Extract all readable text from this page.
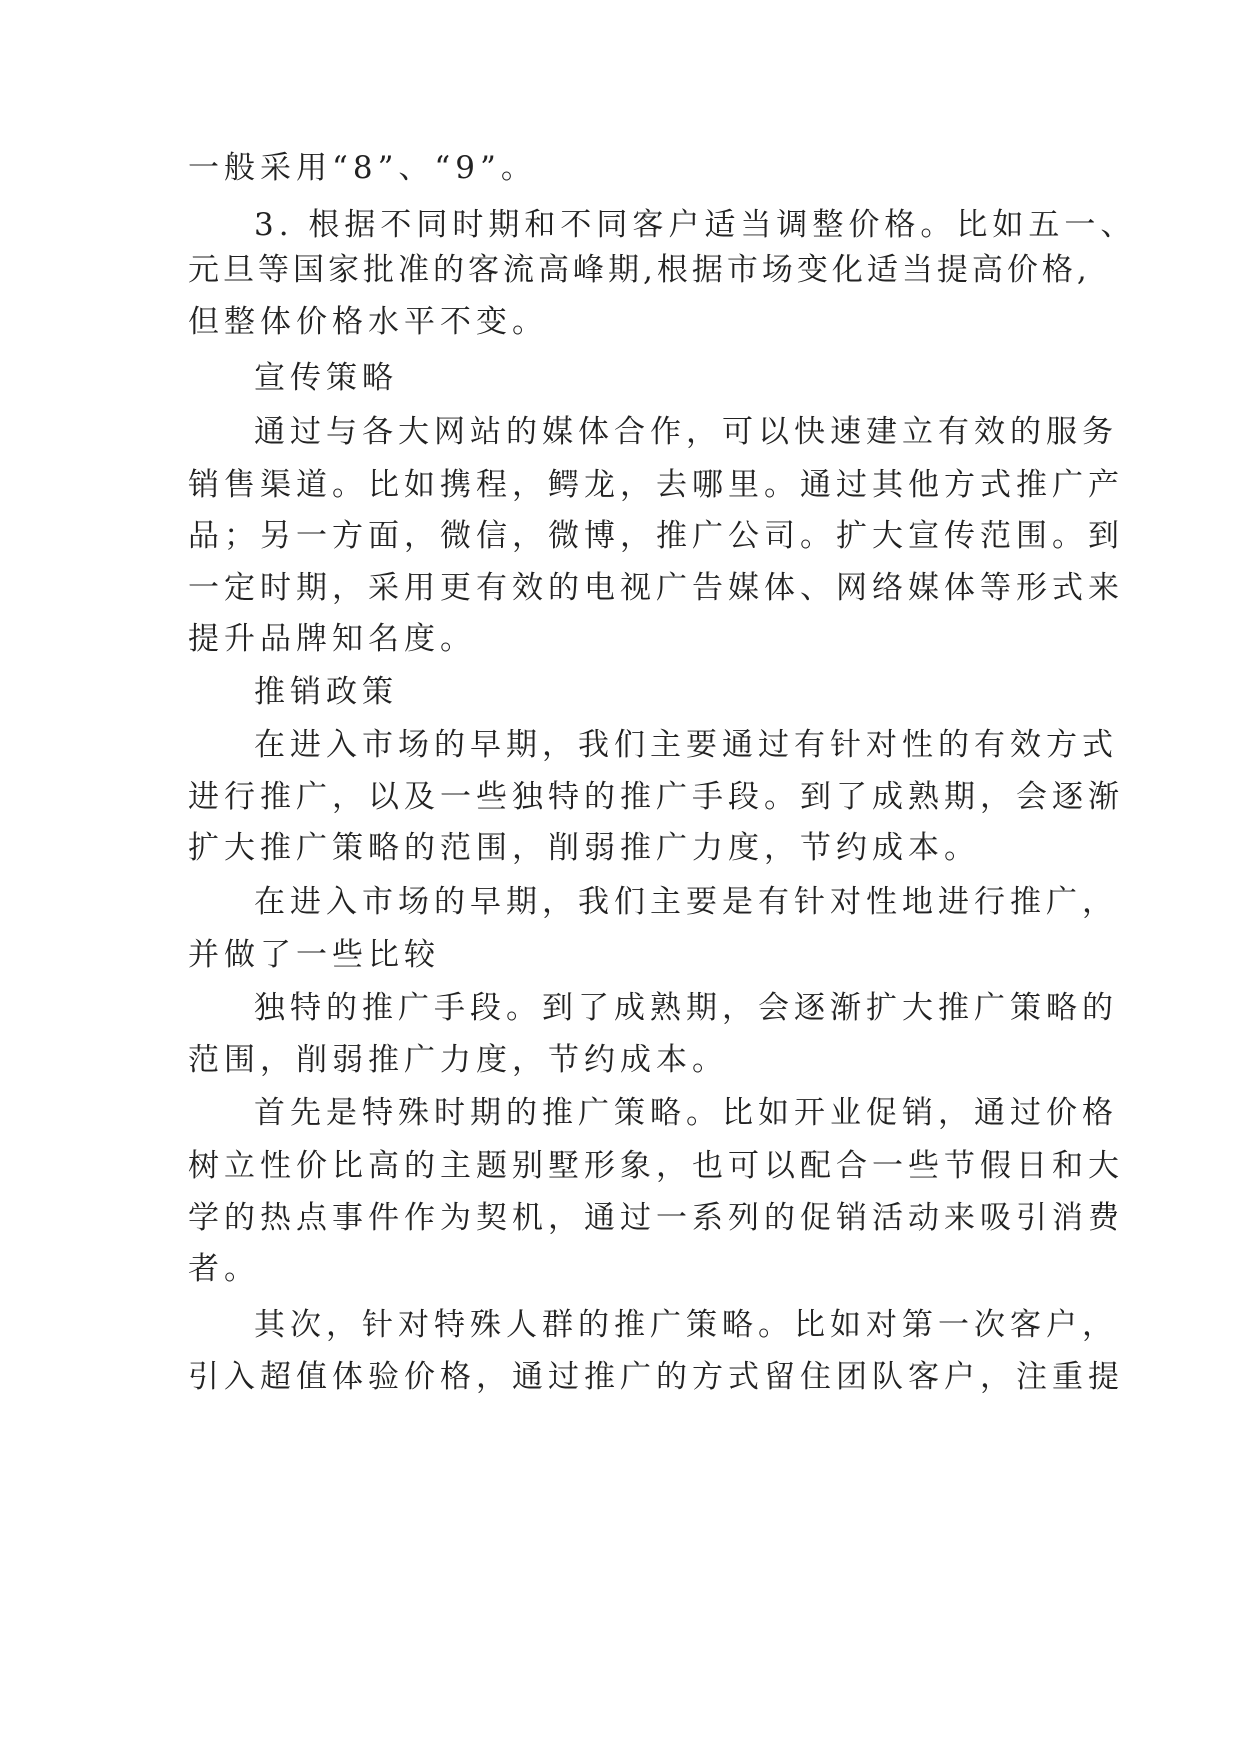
一般采用“8”、“9”。
3. 根据不同时期和不同客户适当调整价格。比如五一、
元旦等国家批准的客流高峰期,根据市场变化适当提高价格,
但整体价格水平不变。
宣传策略
通过与各大网站的媒体合作，可以快速建立有效的服务
销售渠道。比如携程，鳄龙，去哪里。通过其他方式推广产
品；另一方面，微信，微博，推广公司。扩大宣传范围。到
一定时期，采用更有效的电视广告媒体、网络媒体等形式来
提升品牌知名度。
推销政策
在进入市场的早期，我们主要通过有针对性的有效方式
进行推广，以及一些独特的推广手段。到了成熟期，会逐渐
扩大推广策略的范围，削弱推广力度，节约成本。
在进入市场的早期，我们主要是有针对性地进行推广，
并做了一些比较
独特的推广手段。到了成熟期，会逐渐扩大推广策略的
范围，削弱推广力度，节约成本。
首先是特殊时期的推广策略。比如开业促销，通过价格
树立性价比高的主题别墅形象，也可以配合一些节假日和大
学的热点事件作为契机，通过一系列的促销活动来吸引消费
者。
其次，针对特殊人群的推广策略。比如对第一次客户，
引入超值体验价格，通过推广的方式留住团队客户，注重提
